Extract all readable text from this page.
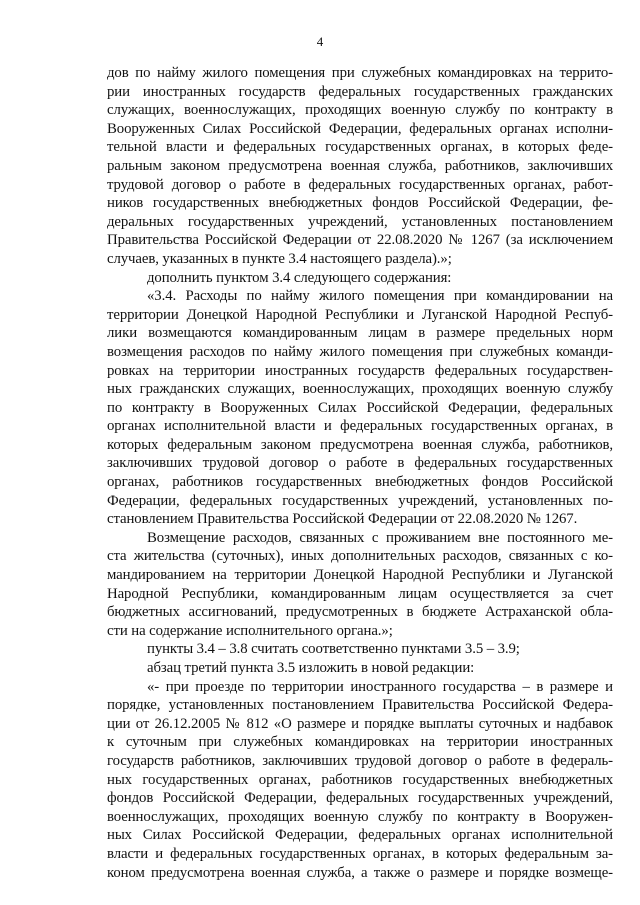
4
дов по найму жилого помещения при служебных командировках на террито-
рии иностранных государств федеральных государственных гражданских
служащих, военнослужащих, проходящих военную службу по контракту в
Вооруженных Силах Российской Федерации, федеральных органах исполни-
тельной власти и федеральных государственных органах, в которых феде-
ральным законом предусмотрена военная служба, работников, заключивших
трудовой договор о работе в федеральных государственных органах, работ-
ников государственных внебюджетных фондов Российской Федерации, фе-
деральных государственных учреждений, установленных постановлением
Правительства Российской Федерации от 22.08.2020 № 1267 (за исключением
случаев, указанных в пункте 3.4 настоящего раздела).»;
дополнить пунктом 3.4 следующего содержания:
«3.4. Расходы по найму жилого помещения при командировании на
территории Донецкой Народной Республики и Луганской Народной Респуб-
лики возмещаются командированным лицам в размере предельных норм
возмещения расходов по найму жилого помещения при служебных команди-
ровках на территории иностранных государств федеральных государствен-
ных гражданских служащих, военнослужащих, проходящих военную службу
по контракту в Вооруженных Силах Российской Федерации, федеральных
органах исполнительной власти и федеральных государственных органах, в
которых федеральным законом предусмотрена военная служба, работников,
заключивших трудовой договор о работе в федеральных государственных
органах, работников государственных внебюджетных фондов Российской
Федерации, федеральных государственных учреждений, установленных по-
становлением Правительства Российской Федерации от 22.08.2020 № 1267.
Возмещение расходов, связанных с проживанием вне постоянного ме-
ста жительства (суточных), иных дополнительных расходов, связанных с ко-
мандированием на территории Донецкой Народной Республики и Луганской
Народной Республики, командированным лицам осуществляется за счет
бюджетных ассигнований, предусмотренных в бюджете Астраханской обла-
сти на содержание исполнительного органа.»;
пункты 3.4 – 3.8 считать соответственно пунктами 3.5 – 3.9;
абзац третий пункта 3.5 изложить в новой редакции:
«- при проезде по территории иностранного государства – в размере и
порядке, установленных постановлением Правительства Российской Федера-
ции от 26.12.2005 № 812 «О размере и порядке выплаты суточных и надбавок
к суточным при служебных командировках на территории иностранных
государств работников, заключивших трудовой договор о работе в федераль-
ных государственных органах, работников государственных внебюджетных
фондов Российской Федерации, федеральных государственных учреждений,
военнослужащих, проходящих военную службу по контракту в Вооружен-
ных Силах Российской Федерации, федеральных органах исполнительной
власти и федеральных государственных органах, в которых федеральным за-
коном предусмотрена военная служба, а также о размере и порядке возмеще-
